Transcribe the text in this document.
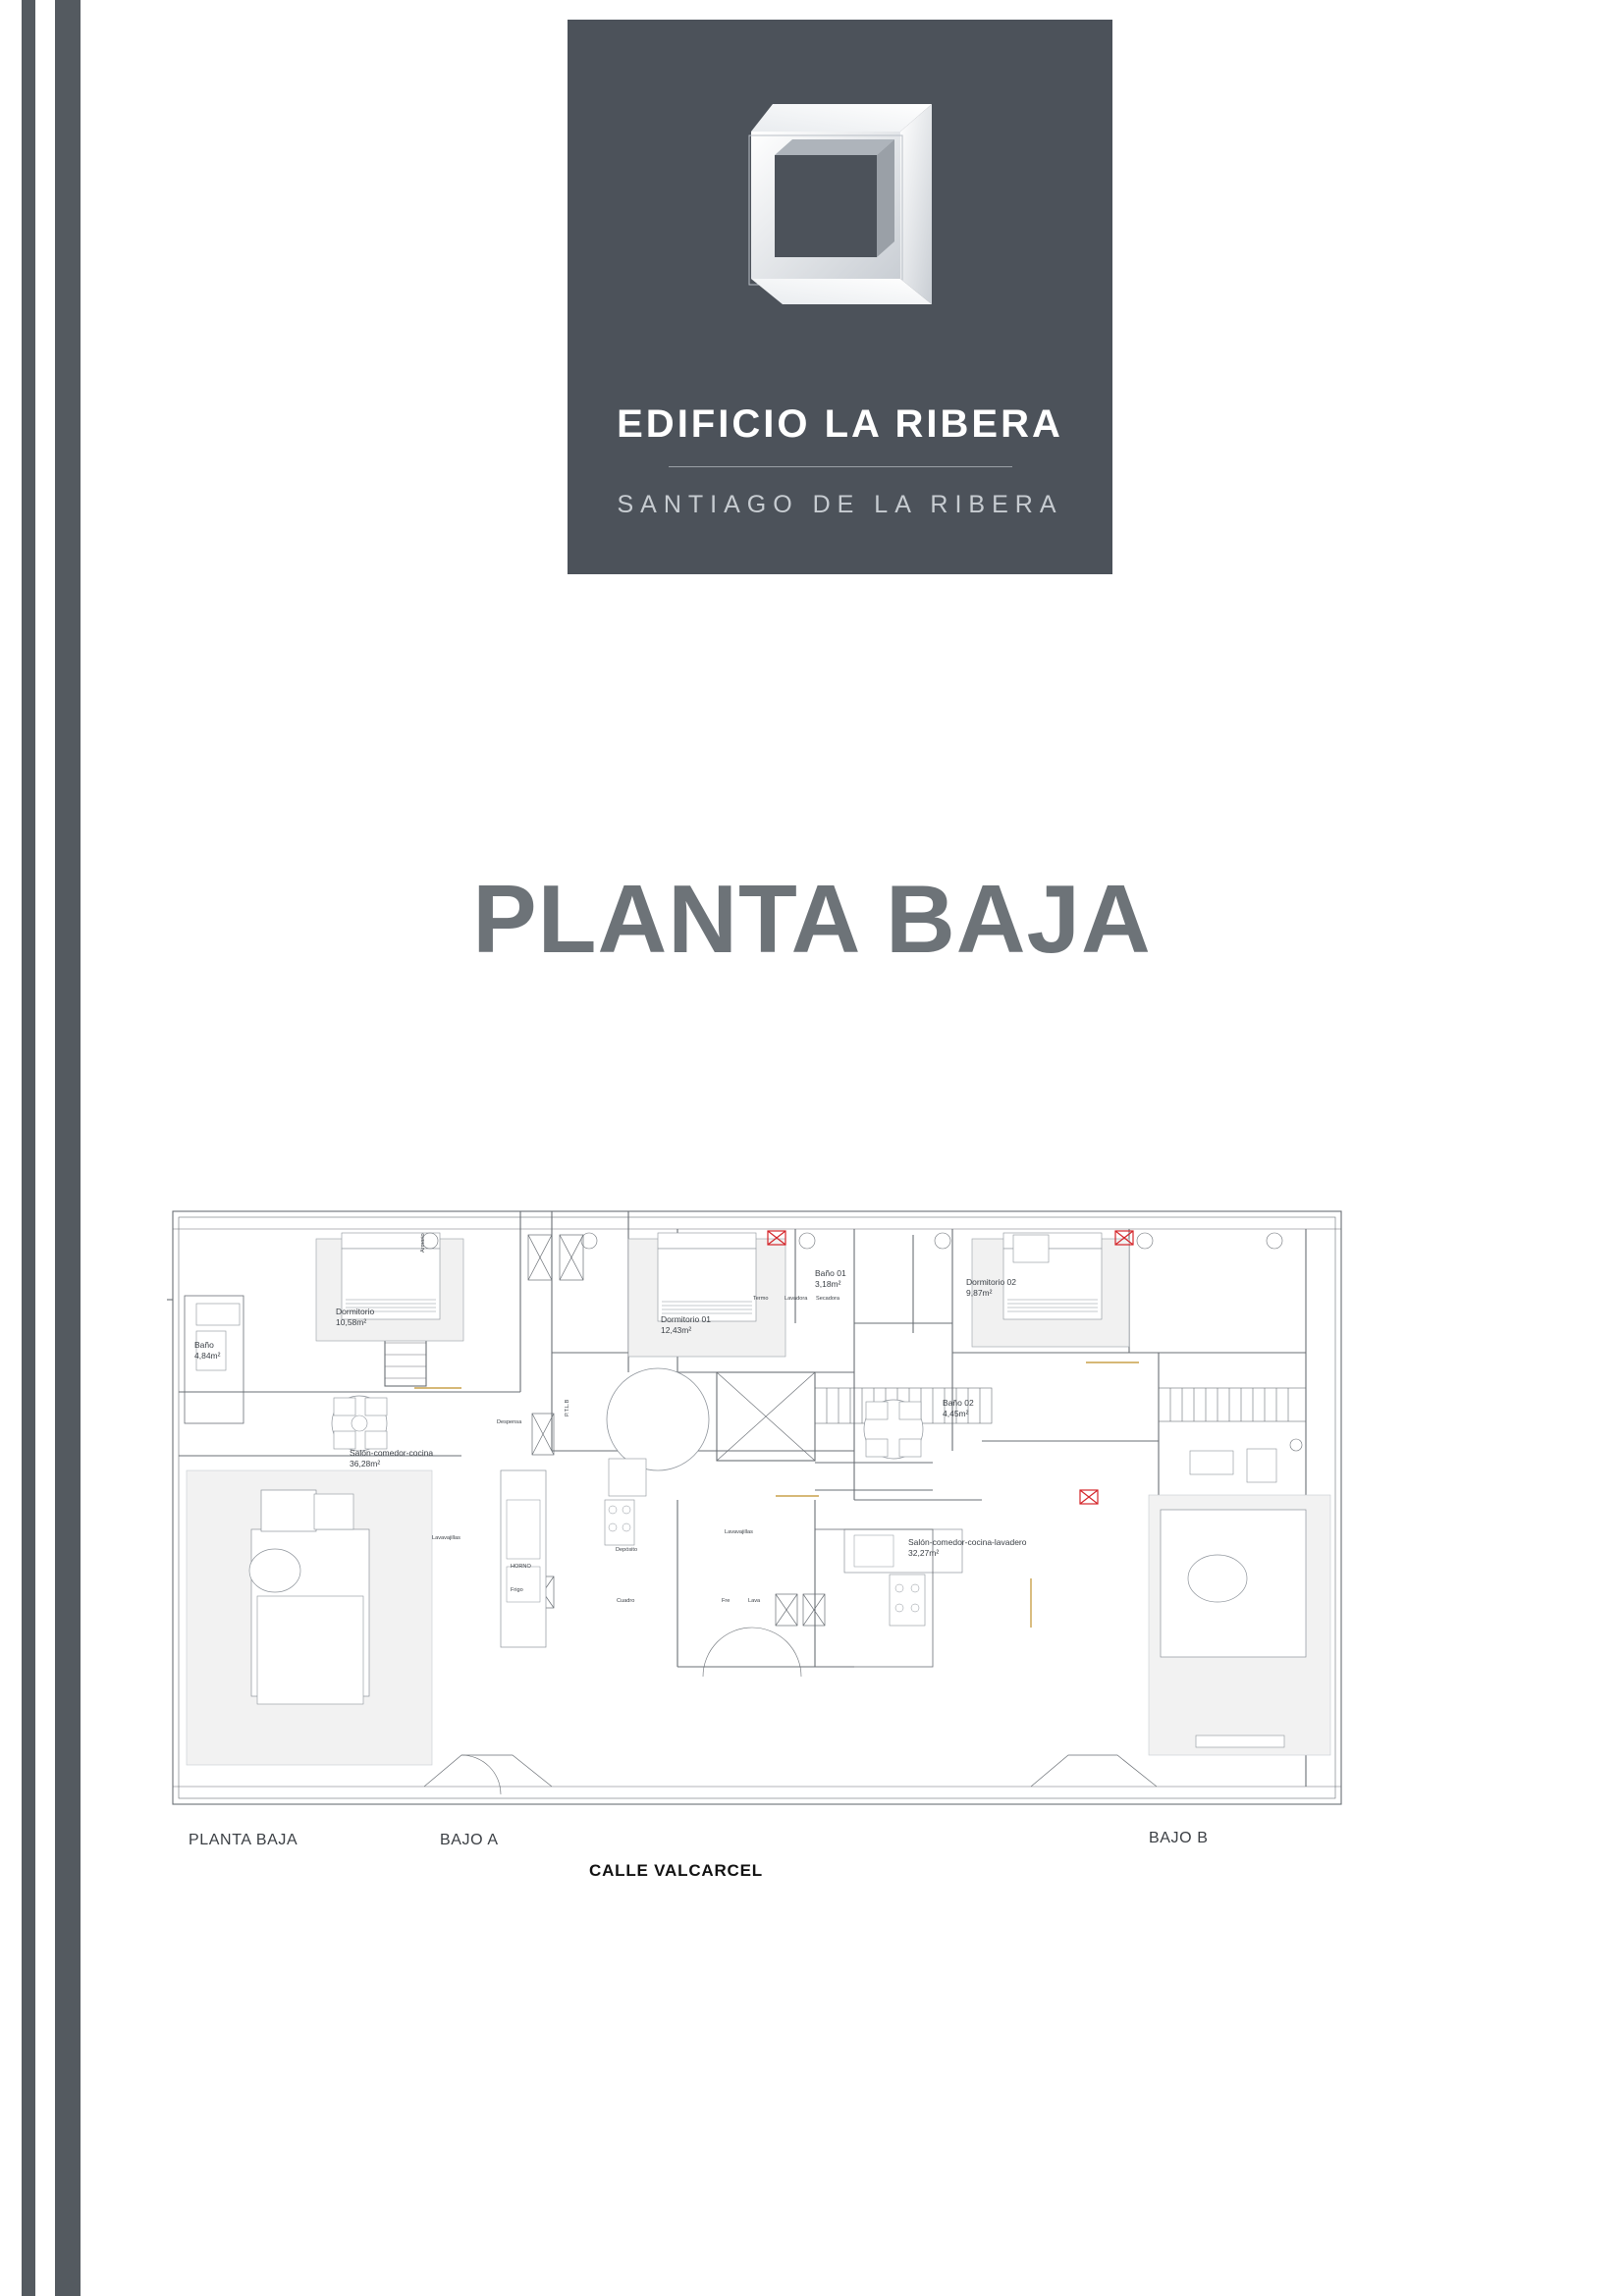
EDIFICIO LA RIBERA
SANTIAGO DE LA RIBERA
PLANTA BAJA
Baño
4,84m²
Dormitorio
10,58m²
Salón-comedor-cocina
36,28m²
Dormitorio 01
12,43m²
Baño 01
3,18m²	Dormitorio 02
9,87m²
Baño 02
4,45m²
Salón-comedor-cocina-lavadero
32,27m²
Despensa
Lavavajillas
HORNO
Frigo
Depósito
Cuadro
Lavavajillas
Termo	Lavadora Secadora
Fre	Lava
Armario
P.T.L.B
PLANTA BAJA	BAJO A	BAJO B
CALLE VALCARCEL
